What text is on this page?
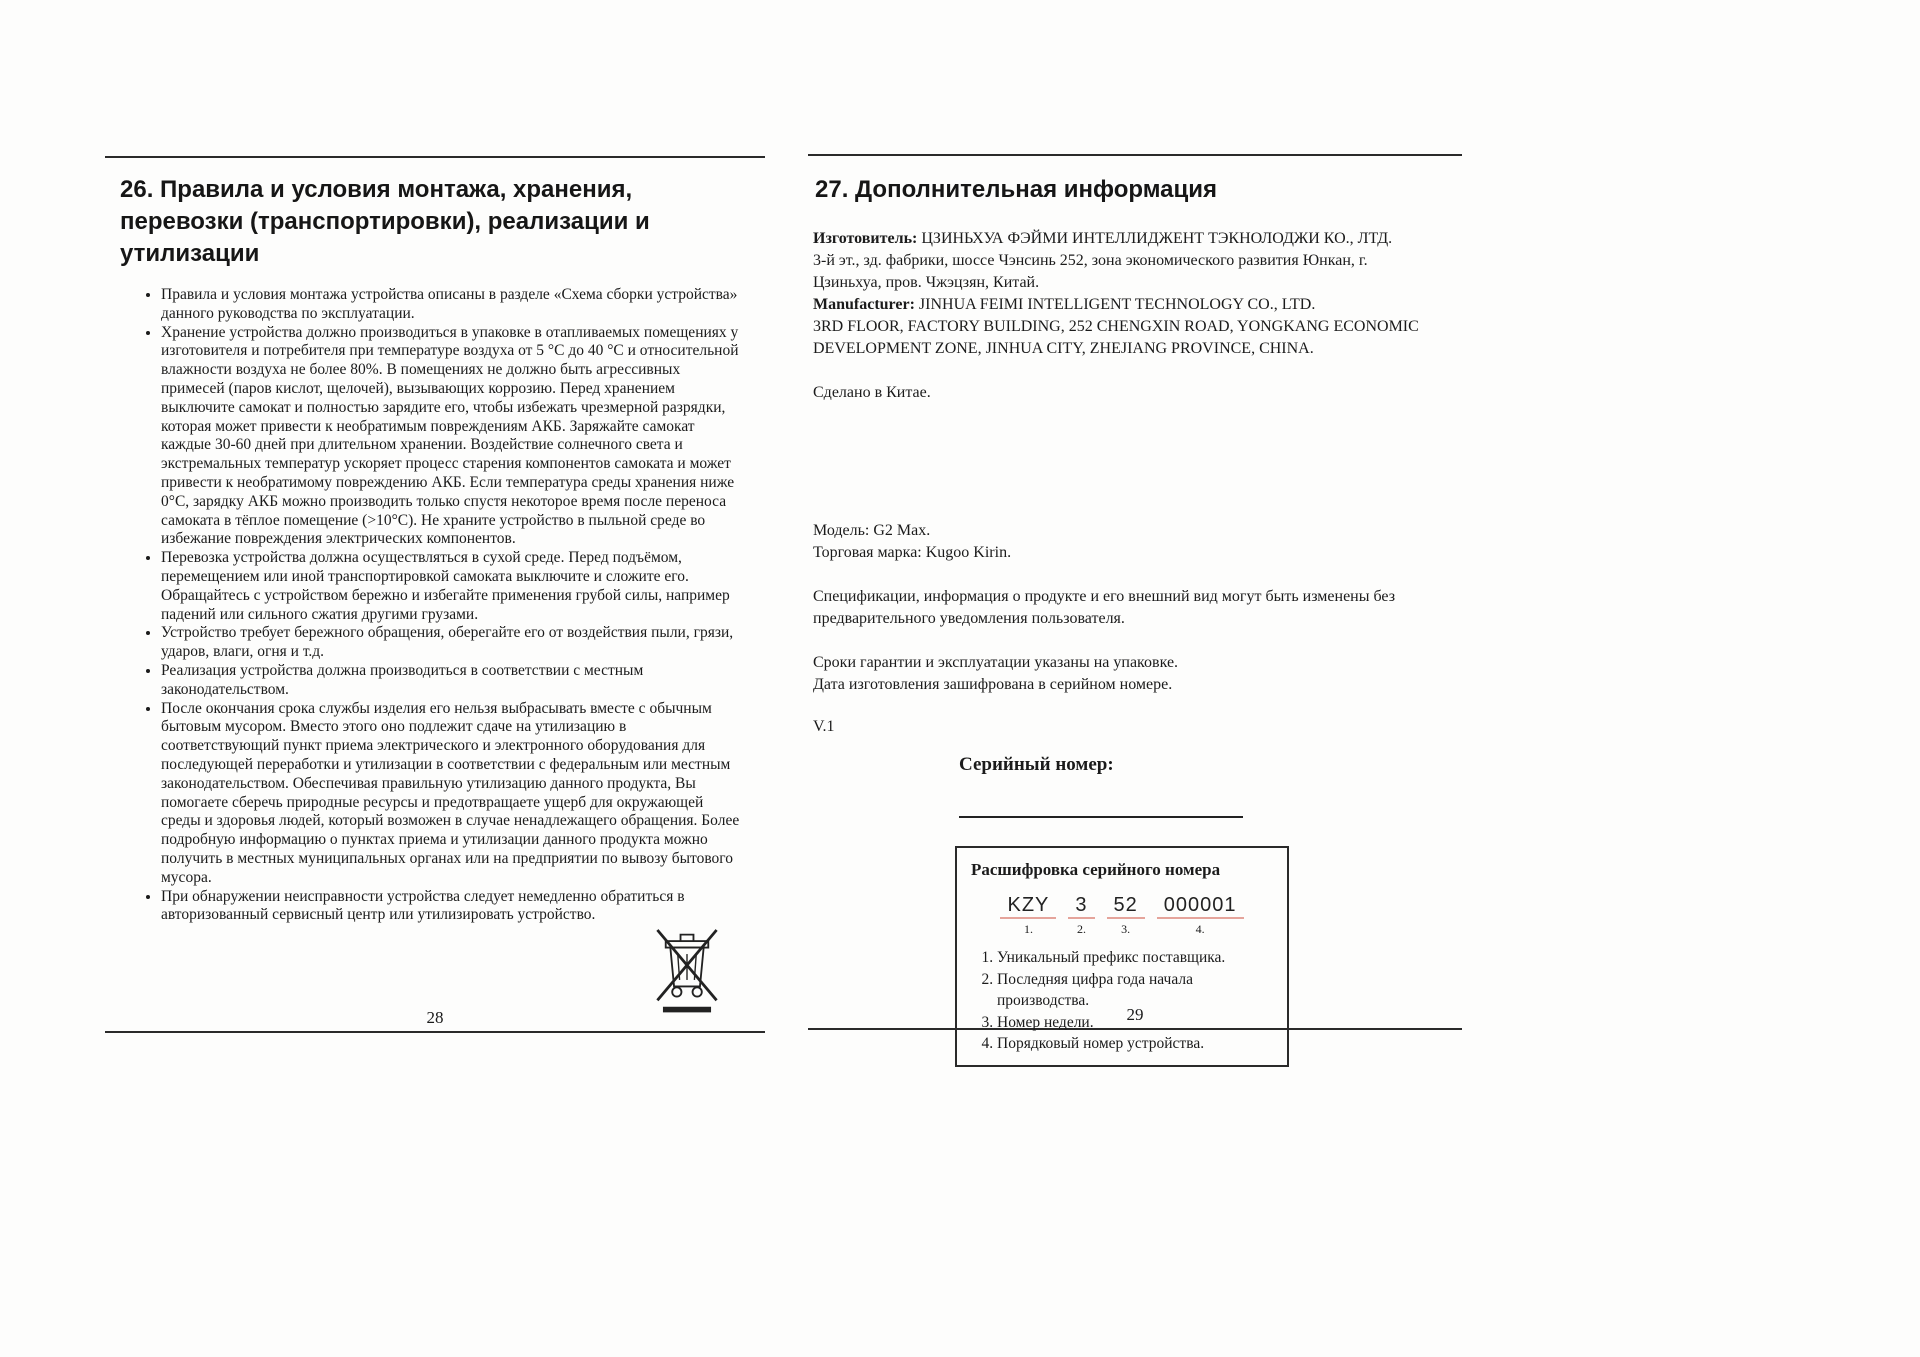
26. Правила и условия монтажа, хранения, перевозки (транспортировки), реализации и утилизации
• Правила и условия монтажа устройства описаны в разделе «Схема сборки устройства» данного руководства по эксплуатации.
• Хранение устройства должно производиться в упаковке в отапливаемых помещениях у изготовителя и потребителя при температуре воздуха от 5 °C до 40 °C и относительной влажности воздуха не более 80%. В помещениях не должно быть агрессивных примесей (паров кислот, щелочей), вызывающих коррозию. Перед хранением выключите самокат и полностью зарядите его, чтобы избежать чрезмерной разрядки, которая может привести к необратимым повреждениям АКБ. Заряжайте самокат каждые 30-60 дней при длительном хранении. Воздействие солнечного света и экстремальных температур ускоряет процесс старения компонентов самоката и может привести к необратимому повреждению АКБ. Если температура среды хранения ниже 0°C, зарядку АКБ можно производить только спустя некоторое время после переноса самоката в тёплое помещение (>10°C). Не храните устройство в пыльной среде во избежание повреждения электрических компонентов.
• Перевозка устройства должна осуществляться в сухой среде. Перед подъёмом, перемещением или иной транспортировкой самоката выключите и сложите его. Обращайтесь с устройством бережно и избегайте применения грубой силы, например падений или сильного сжатия другими грузами.
• Устройство требует бережного обращения, оберегайте его от воздействия пыли, грязи, ударов, влаги, огня и т.д.
• Реализация устройства должна производиться в соответствии с местным законодательством.
• После окончания срока службы изделия его нельзя выбрасывать вместе с обычным бытовым мусором. Вместо этого оно подлежит сдаче на утилизацию в соответствующий пункт приема электрического и электронного оборудования для последующей переработки и утилизации в соответствии с федеральным или местным законодательством. Обеспечивая правильную утилизацию данного продукта, Вы помогаете сберечь природные ресурсы и предотвращаете ущерб для окружающей среды и здоровья людей, который возможен в случае ненадлежащего обращения. Более подробную информацию о пунктах приема и утилизации данного продукта можно получить в местных муниципальных органах или на предприятии по вывозу бытового мусора.
• При обнаружении неисправности устройства следует немедленно обратиться в авторизованный сервисный центр или утилизировать устройство.
28
27. Дополнительная информация
Изготовитель: ЦЗИНЬХУА ФЭЙМИ ИНТЕЛЛИДЖЕНТ ТЭКНОЛОДЖИ КО., ЛТД.
3-й эт., зд. фабрики, шоссе Чэнсинь 252, зона экономического развития Юнкан, г. Цзиньхуа, пров. Чжэцзян, Китай.
Manufacturer: JINHUA FEIMI INTELLIGENT TECHNOLOGY CO., LTD.
3RD FLOOR, FACTORY BUILDING, 252 CHENGXIN ROAD, YONGKANG ECONOMIC DEVELOPMENT ZONE, JINHUA CITY, ZHEJIANG PROVINCE, CHINA.
Сделано в Китае.
Модель: G2 Max.
Торговая марка: Kugoo Kirin.
Спецификации, информация о продукте и его внешний вид могут быть изменены без предварительного уведомления пользователя.
Сроки гарантии и эксплуатации указаны на упаковке.
Дата изготовления зашифрована в серийном номере.
V.1
Серийный номер:
Расшифровка серийного номера
KZY
1.
3
2.
52
3.
000001
4.
1. Уникальный префикс поставщика.
2. Последняя цифра года начала производства.
3. Номер недели.
4. Порядковый номер устройства.
29
